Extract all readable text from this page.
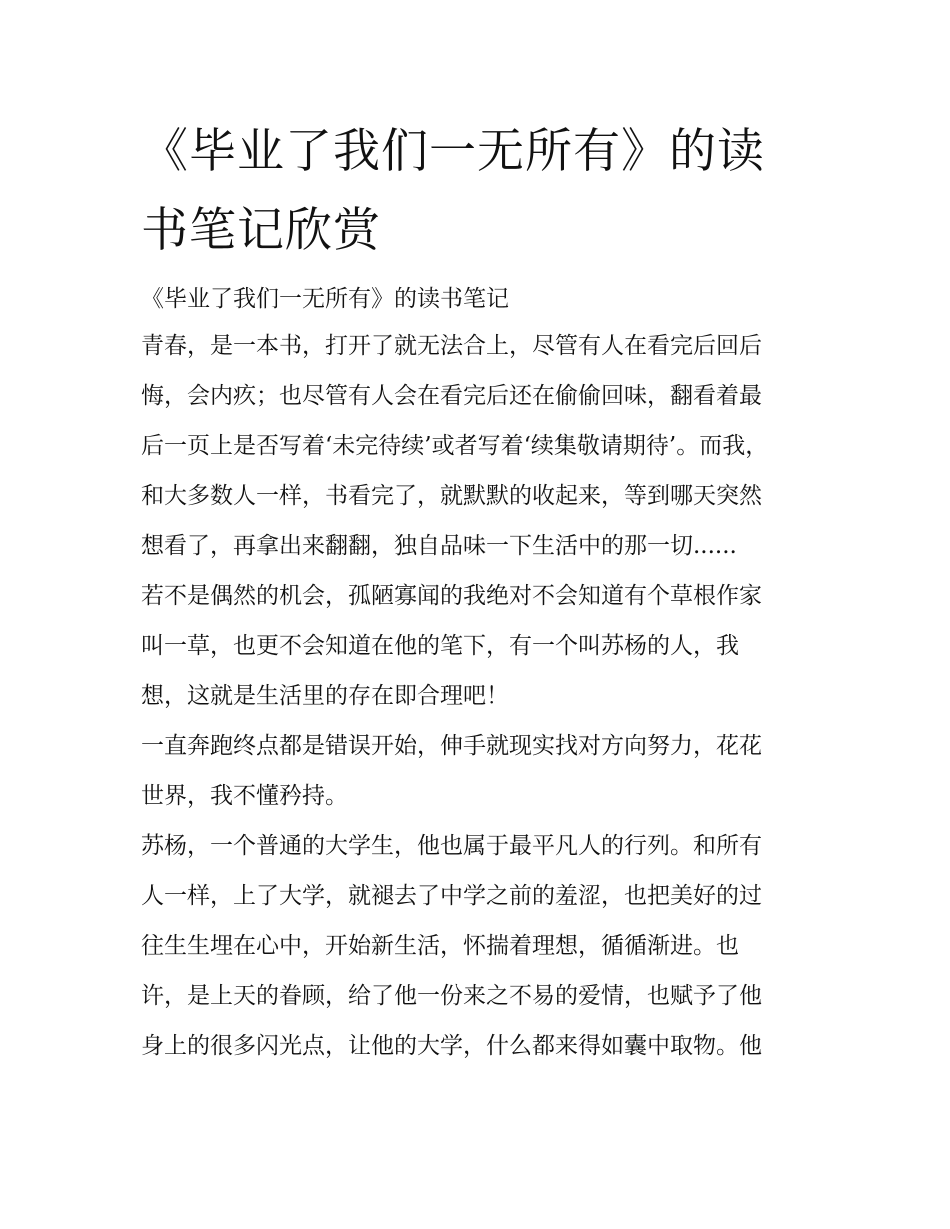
《毕业了我们一无所有》的读
书笔记欣赏

《毕业了我们一无所有》的读书笔记

青春，是一本书，打开了就无法合上，尽管有人在看完后回后
悔，会内疚；也尽管有人会在看完后还在偷偷回味，翻看着最
后一页上是否写着‘未完待续’或者写着‘续集敬请期待’。而我，
和大多数人一样，书看完了，就默默的收起来，等到哪天突然
想看了，再拿出来翻翻，独自品味一下生活中的那一切......

若不是偶然的机会，孤陋寡闻的我绝对不会知道有个草根作家
叫一草，也更不会知道在他的笔下，有一个叫苏杨的人，我
想，这就是生活里的存在即合理吧！

一直奔跑终点都是错误开始，伸手就现实找对方向努力，花花
世界，我不懂矜持。

苏杨，一个普通的大学生，他也属于最平凡人的行列。和所有
人一样，上了大学，就褪去了中学之前的羞涩，也把美好的过
往生生埋在心中，开始新生活，怀揣着理想，循循渐进。也
许，是上天的眷顾，给了他一份来之不易的爱情，也赋予了他
身上的很多闪光点，让他的大学，什么都来得如囊中取物。他
